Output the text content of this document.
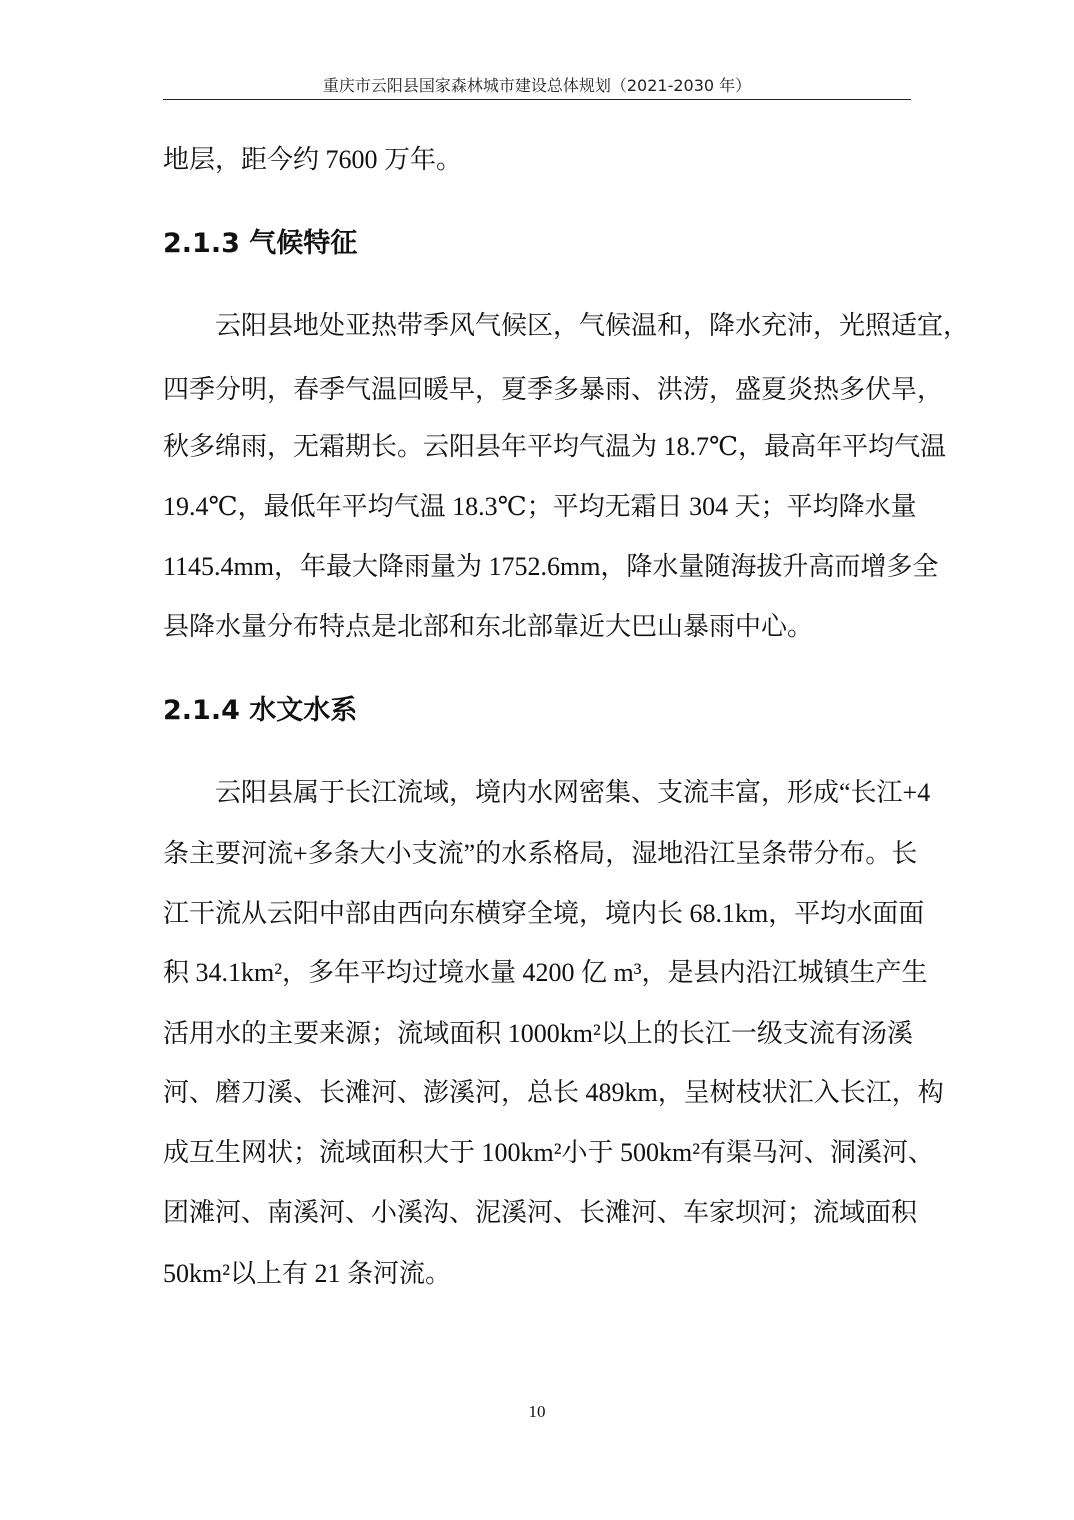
重庆市云阳县国家森林城市建设总体规划（2021-2030 年）
地层，距今约 7600 万年。
2.1.3 气候特征
云阳县地处亚热带季风气候区，气候温和，降水充沛，光照适宜，
四季分明，春季气温回暖早，夏季多暴雨、洪涝，盛夏炎热多伏旱，
秋多绵雨，无霜期长。云阳县年平均气温为 18.7℃，最高年平均气温
19.4℃，最低年平均气温 18.3℃；平均无霜日 304 天；平均降水量
1145.4mm，年最大降雨量为 1752.6mm，降水量随海拔升高而增多全
县降水量分布特点是北部和东北部靠近大巴山暴雨中心。
2.1.4 水文水系
云阳县属于长江流域，境内水网密集、支流丰富，形成“长江+4
条主要河流+多条大小支流”的水系格局，湿地沿江呈条带分布。长
江干流从云阳中部由西向东横穿全境，境内长 68.1km，平均水面面
积 34.1km²，多年平均过境水量 4200 亿 m³，是县内沿江城镇生产生
活用水的主要来源；流域面积 1000km²以上的长江一级支流有汤溪
河、磨刀溪、长滩河、澎溪河，总长 489km，呈树枝状汇入长江，构
成互生网状；流域面积大于 100km²小于 500km²有渠马河、洞溪河、
团滩河、南溪河、小溪沟、泥溪河、长滩河、车家坝河；流域面积
50km²以上有 21 条河流。
10
